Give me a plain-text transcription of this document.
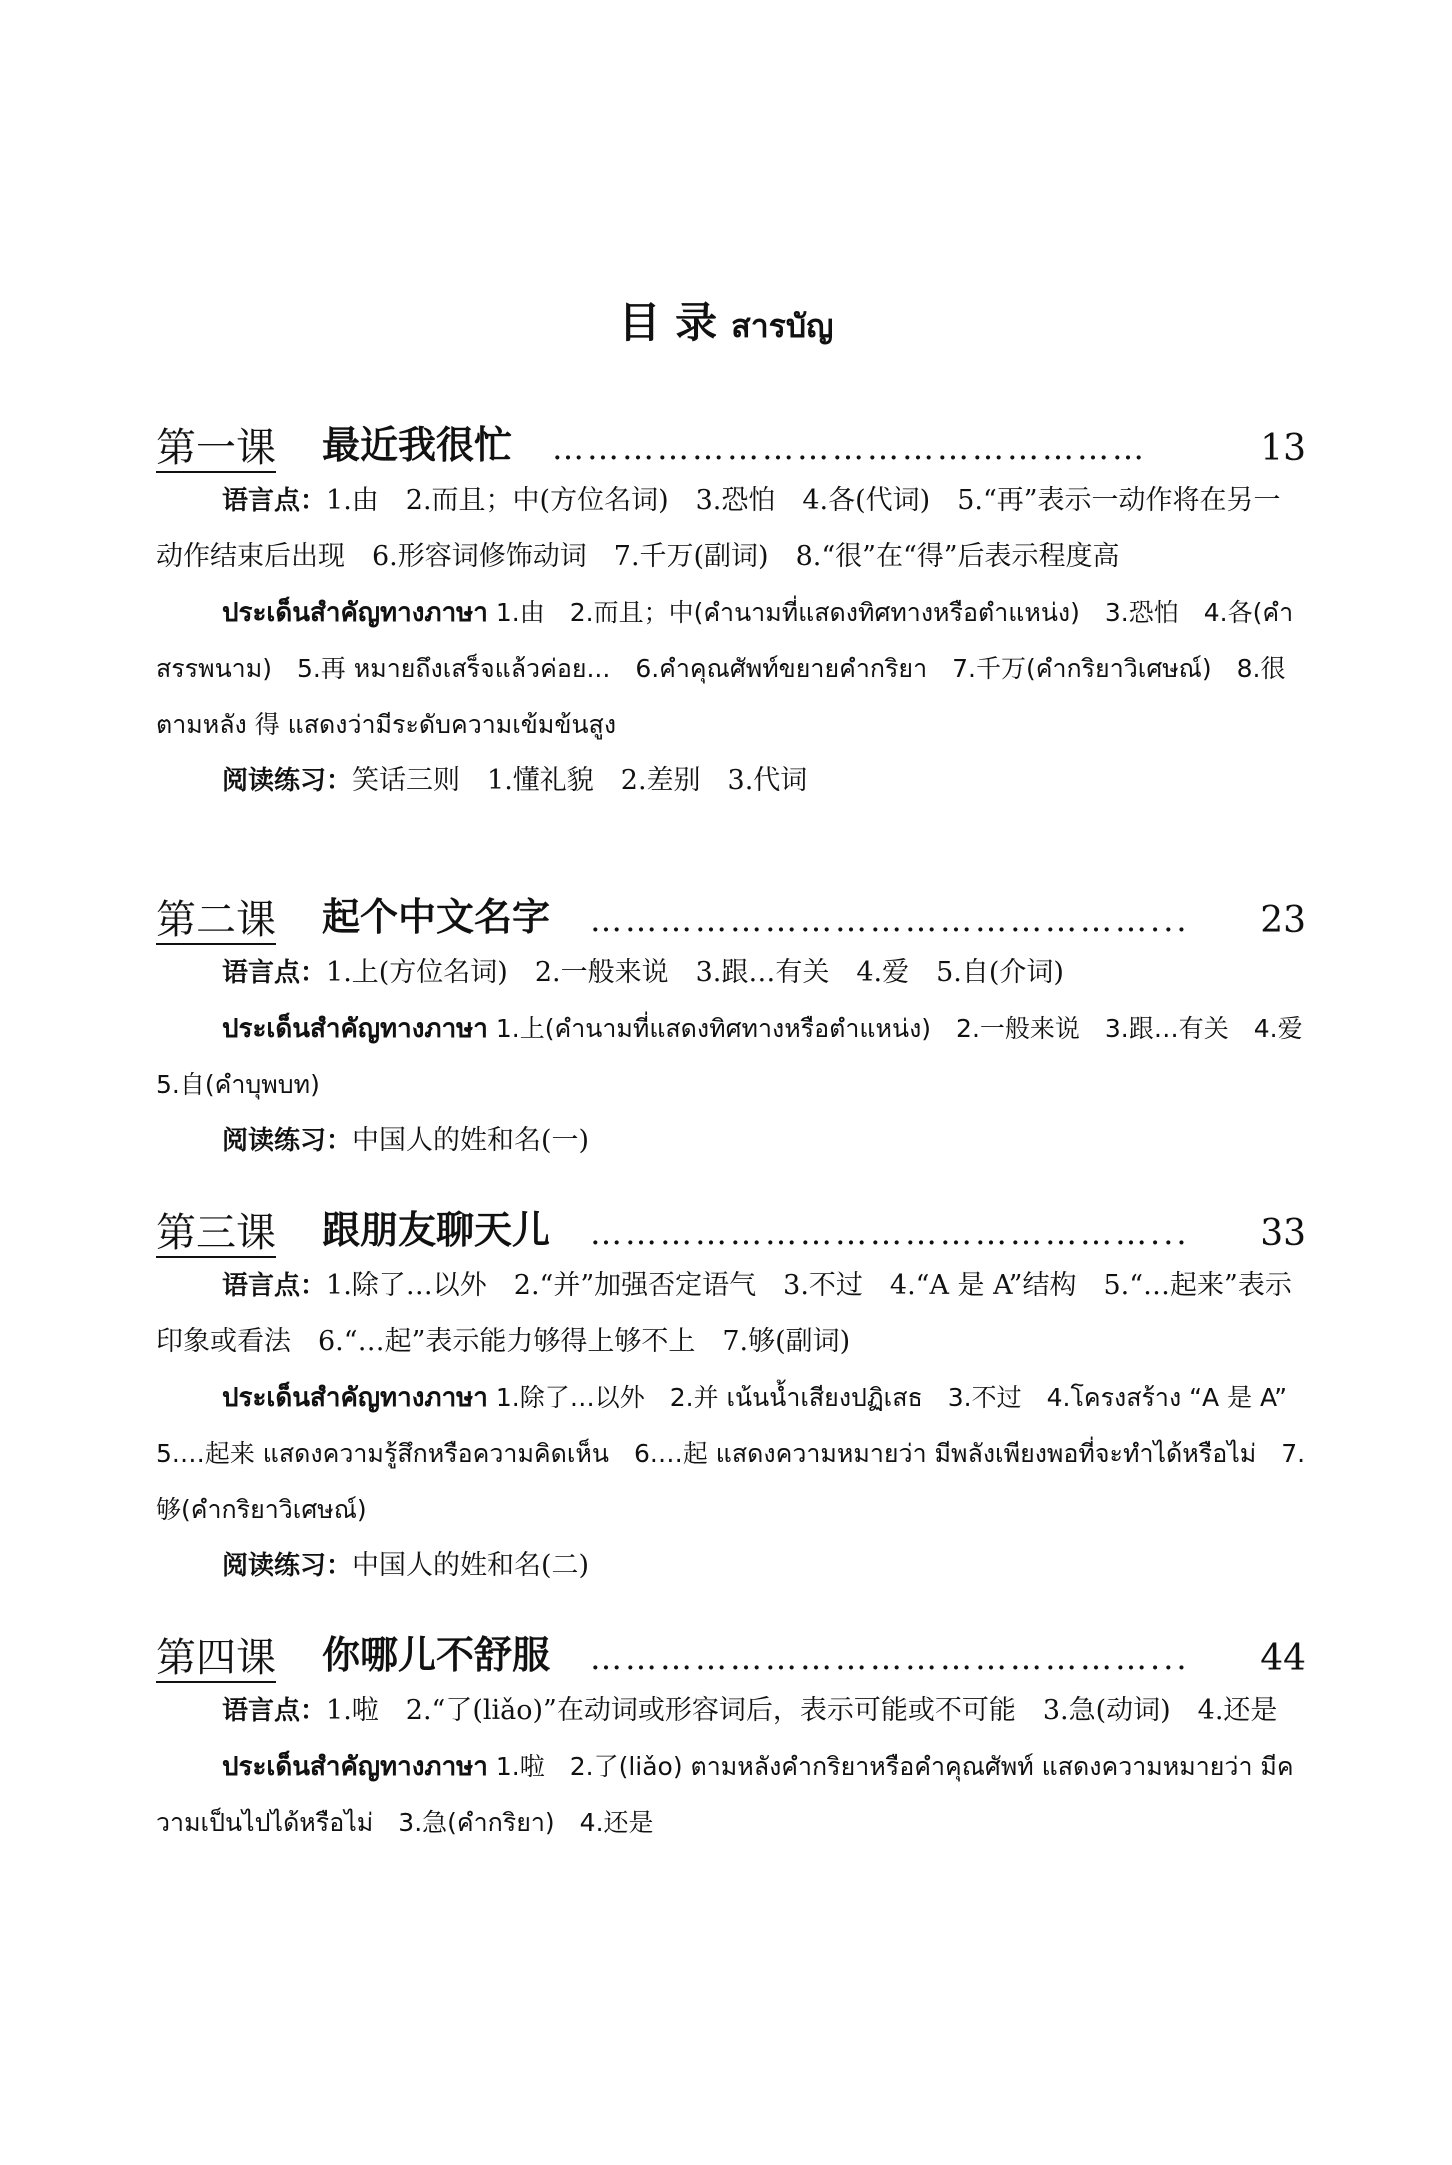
目 录 สารบัญ
第一课 最近我很忙 ……………………………………………	13

语言点：1.由　2.而且；中(方位名词)　3.恐怕　4.各(代词)　5.“再”表示一动作将在另一动作结束后出现　6.形容词修饰动词　7.千万(副词)　8.“很”在“得”后表示程度高

ประเด็นสำคัญทางภาษา 1.由　2.而且；中(คำนามที่แสดงทิศทางหรือตำแหน่ง)　3.恐怕　4.各(คำสรรพนาม)　5.再 หมายถึงเสร็จแล้วค่อย...　6.คำคุณศัพท์ขยายคำกริยา　7.千万(คำกริยาวิเศษณ์)　8.很 ตามหลัง 得 แสดงว่ามีระดับความเข้มข้นสูง

阅读练习：笑话三则　1.懂礼貌　2.差别　3.代词

第二课 起个中文名字 …………………………………………...	23

语言点：1.上(方位名词)　2.一般来说　3.跟…有关　4.爱　5.自(介词)

ประเด็นสำคัญทางภาษา 1.上(คำนามที่แสดงทิศทางหรือตำแหน่ง)　2.一般来说　3.跟…有关　4.爱　5.自(คำบุพบท)

阅读练习：中国人的姓和名(一)

第三课 跟朋友聊天儿 …………………………………………...	33

语言点：1.除了…以外　2.“并”加强否定语气　3.不过　4.“A 是 A”结构　5.“…起来”表示印象或看法　6.“…起”表示能力够得上够不上　7.够(副词)

ประเด็นสำคัญทางภาษา 1.除了…以外　2.并 เน้นน้ำเสียงปฏิเสธ　3.不过　4.โครงสร้าง “A 是 A”　5.…起来 แสดงความรู้สึกหรือความคิดเห็น　6.…起 แสดงความหมายว่า มีพลังเพียงพอที่จะทำได้หรือไม่　7.够(คำกริยาวิเศษณ์)

阅读练习：中国人的姓和名(二)

第四课 你哪儿不舒服 …………………………………………...	44

语言点：1.啦　2.“了(liǎo)”在动词或形容词后，表示可能或不可能　3.急(动词)　4.还是

ประเด็นสำคัญทางภาษา 1.啦　2.了(liǎo) ตามหลังคำกริยาหรือคำคุณศัพท์ แสดงความหมายว่า มีความเป็นไปได้หรือไม่　3.急(คำกริยา)　4.还是
